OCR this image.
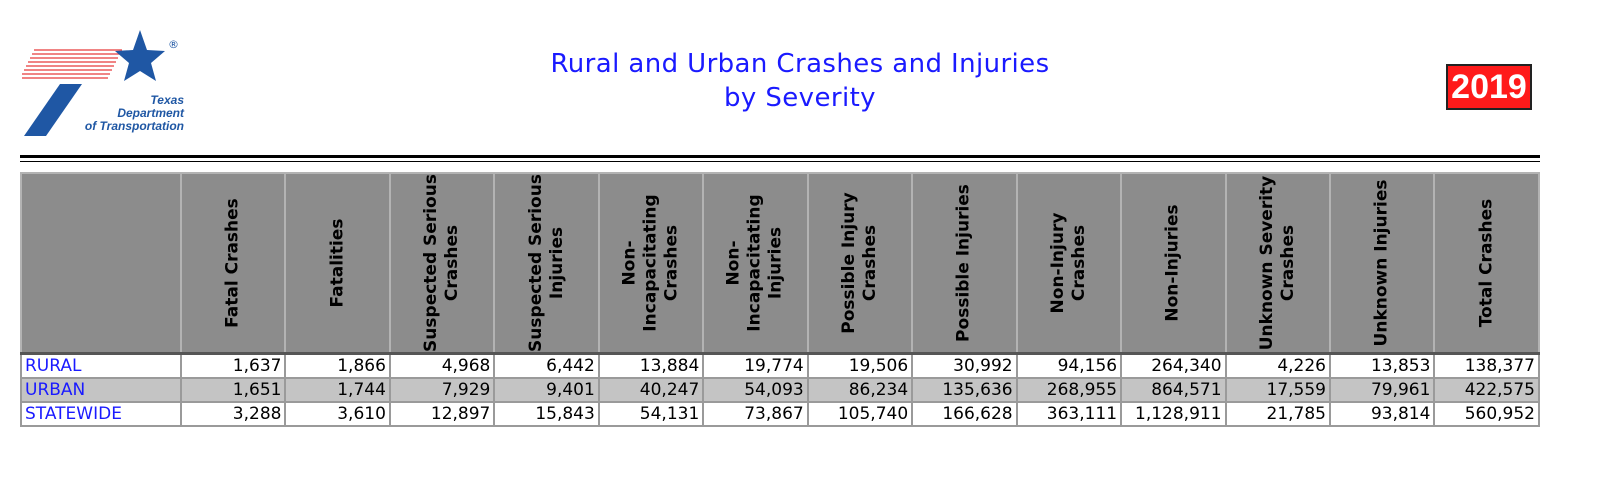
®
Texas
Department
of Transportation
Rural and Urban Crashes and Injuries
by Severity	2019

	Fatal Crashes	Fatalities	Suspected Serious Crashes	Suspected Serious Injuries	Non-Incapacitating Crashes	Non-Incapacitating Injuries	Possible Injury Crashes	Possible Injuries	Non-Injury Crashes	Non-Injuries	Unknown Severity Crashes	Unknown Injuries	Total Crashes

RURAL	1,637	1,866	4,968	6,442	13,884	19,774	19,506	30,992	94,156	264,340	4,226	13,853	138,377
URBAN	1,651	1,744	7,929	9,401	40,247	54,093	86,234	135,636	268,955	864,571	17,559	79,961	422,575
STATEWIDE	3,288	3,610	12,897	15,843	54,131	73,867	105,740	166,628	363,111	1,128,911	21,785	93,814	560,952
